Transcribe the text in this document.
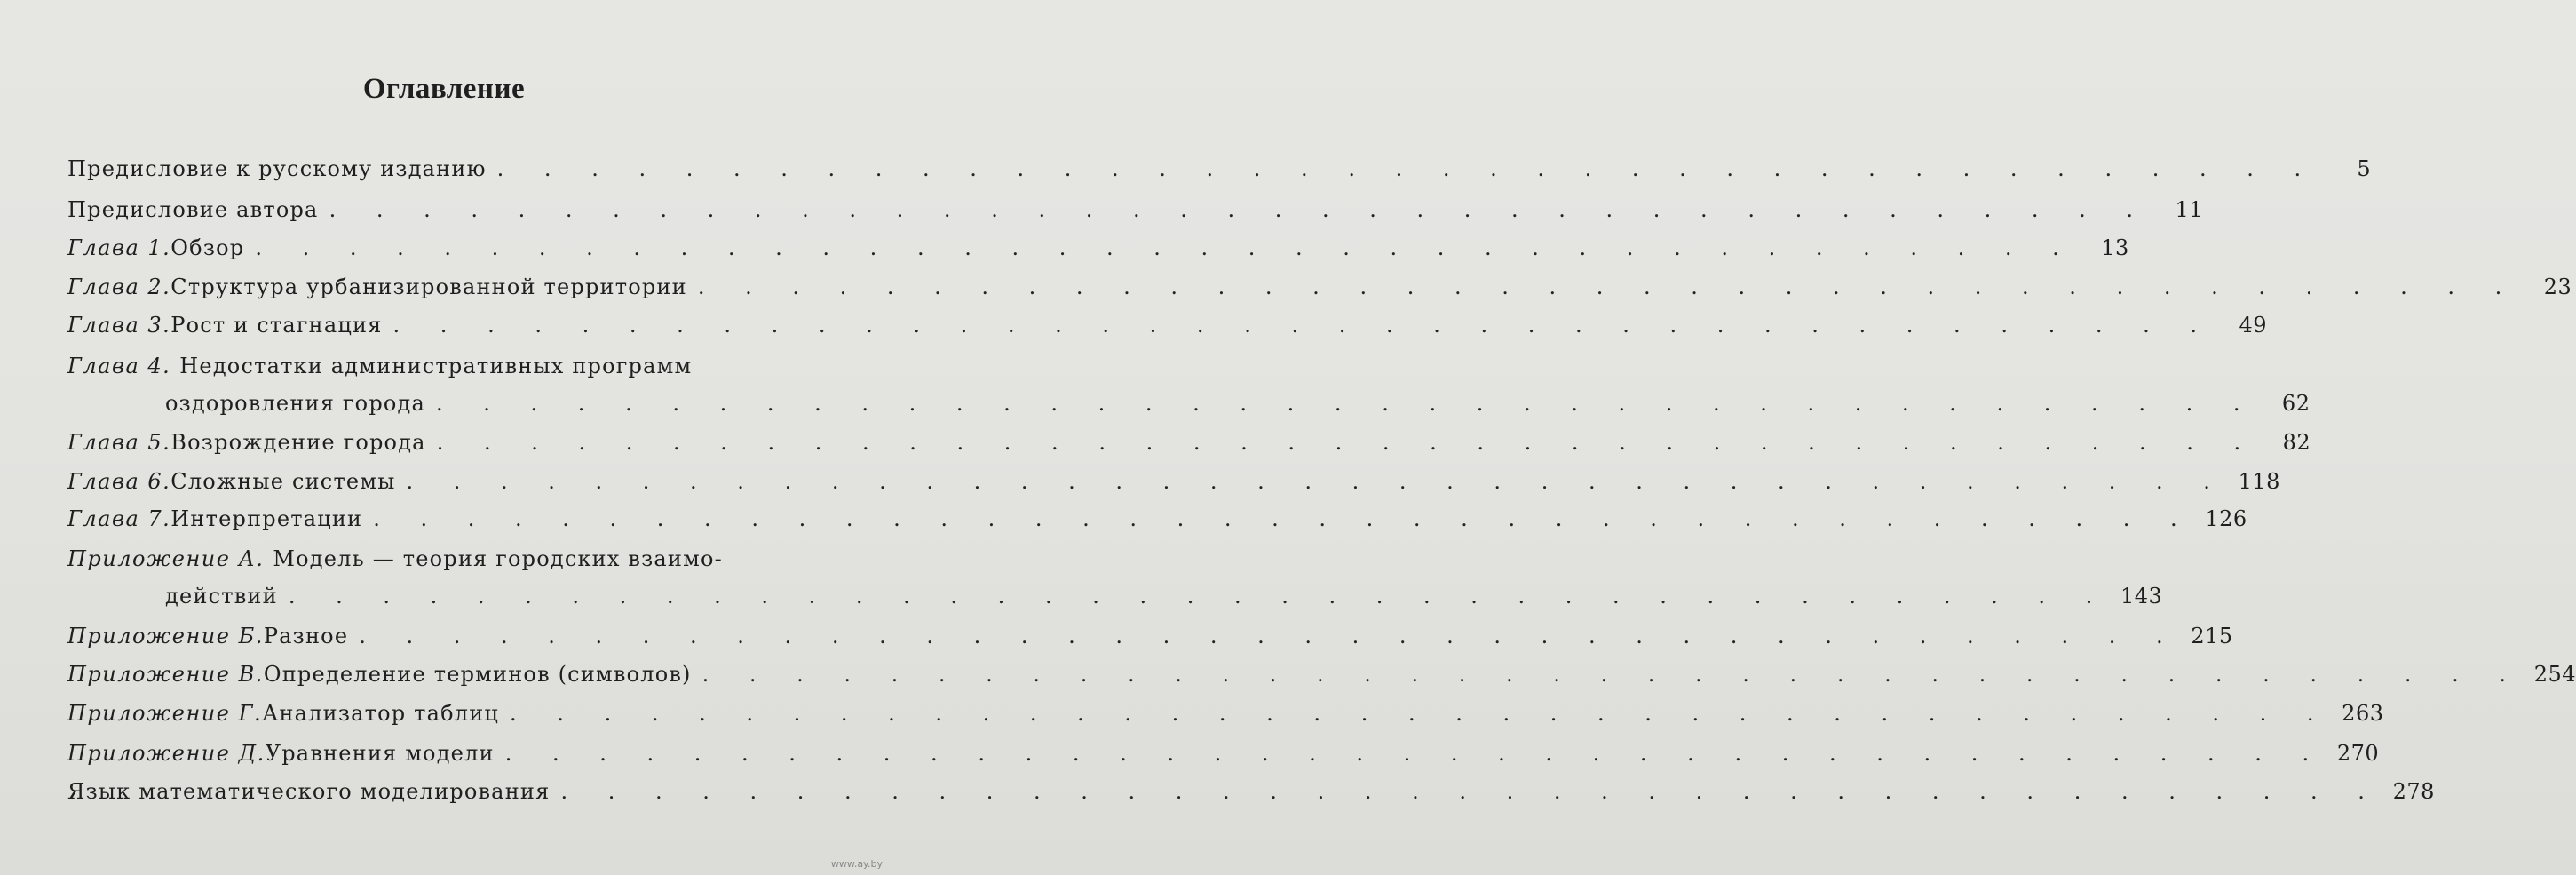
Оглавление
Предисловие к русскому изданию . . . . . . . . . . . . . . . . . . . . . . . . . . . . . . . . . . . . . . .	5
Предисловие автора . . . . . . . . . . . . . . . . . . . . . . . . . . . . . . . . . . . . . . .	11
Глава 1. Обзор . . . . . . . . . . . . . . . . . . . . . . . . . . . . . . . . . . . . . . .	13
Глава 2. Структура урбанизированной территории . . . . . . . . . . . . . . . . . . . . . . . . . . . . . . . . . . . . . . .	23
Глава 3. Рост и стагнация . . . . . . . . . . . . . . . . . . . . . . . . . . . . . . . . . . . . . . .	49
Глава 4. Недостатки административных программ
оздоровления города . . . . . . . . . . . . . . . . . . . . . . . . . . . . . . . . . . . . . . .	62
Глава 5. Возрождение города . . . . . . . . . . . . . . . . . . . . . . . . . . . . . . . . . . . . . . .	82
Глава 6. Сложные системы . . . . . . . . . . . . . . . . . . . . . . . . . . . . . . . . . . . . . . . 118
Глава 7. Интерпретации . . . . . . . . . . . . . . . . . . . . . . . . . . . . . . . . . . . . . . . 126
Приложение А. Модель — теория городских взаимо-
действий . . . . . . . . . . . . . . . . . . . . . . . . . . . . . . . . . . . . . . . 143
Приложение Б. Разное . . . . . . . . . . . . . . . . . . . . . . . . . . . . . . . . . . . . . . . 215
Приложение В. Определение терминов (символов) . . . . . . . . . . . . . . . . . . . . . . . . . . . . . . . . . . . . . . . 254
Приложение Г. Анализатор таблиц . . . . . . . . . . . . . . . . . . . . . . . . . . . . . . . . . . . . . . . 263
Приложение Д. Уравнения модели . . . . . . . . . . . . . . . . . . . . . . . . . . . . . . . . . . . . . . . 270
Язык математического моделирования . . . . . . . . . . . . . . . . . . . . . . . . . . . . . . . . . . . . . . . 278
www.ay.by
